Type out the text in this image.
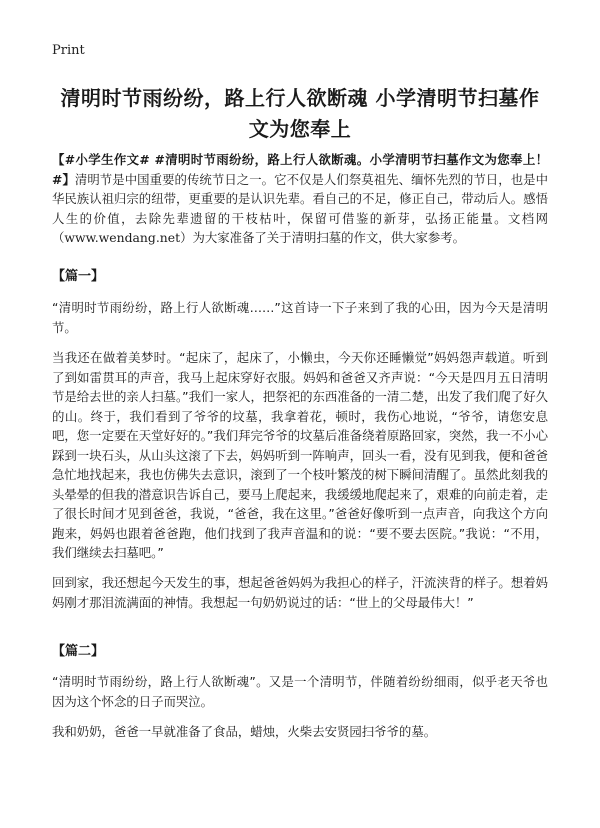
Print
清明时节雨纷纷，路上行人欲断魂 小学清明节扫墓作文为您奉上
【#小学生作文# #清明时节雨纷纷，路上行人欲断魂。小学清明节扫墓作文为您奉上！ #】清明节是中国重要的传统节日之一。它不仅是人们祭莫祖先、缅怀先烈的节日，也是中华民族认祖归宗的纽带，更重要的是认识先辈。看自己的不足，修正自己，带动后人。感悟人生的价值，去除先辈遗留的干枝枯叶，保留可借鉴的新芽，弘扬正能量。文档网（www.wendang.net）为大家准备了关于清明扫墓的作文，供大家参考。
【篇一】
“清明时节雨纷纷，路上行人欲断魂……”这首诗一下子来到了我的心田，因为今天是清明节。
当我还在做着美梦时。“起床了，起床了，小懒虫，今天你还睡懒觉”妈妈怨声载道。听到了到如雷贯耳的声音，我马上起床穿好衣服。妈妈和爸爸又齐声说：“今天是四月五日清明节是给去世的亲人扫墓。”我们一家人，把祭祀的东西准备的一清二楚，出发了我们爬了好久的山。终于，我们看到了爷爷的坟墓，我拿着花，顿时，我伤心地说，“爷爷，请您安息吧，您一定要在天堂好好的。”我们拜完爷爷的坟墓后准备绕着原路回家，突然，我一不小心踩到一块石头，从山头这滚了下去，妈妈听到一阵响声，回头一看，没有见到我，便和爸爸急忙地找起来，我也仿佛失去意识，滚到了一个枝叶繁茂的树下瞬间清醒了。虽然此刻我的头晕晕的但我的潜意识告诉自己，要马上爬起来，我缓缓地爬起来了，艰难的向前走着，走了很长时间才见到爸爸，我说，“爸爸，我在这里。”爸爸好像听到一点声音，向我这个方向跑来，妈妈也跟着爸爸跑，他们找到了我声音温和的说：“要不要去医院。”我说：“不用，我们继续去扫墓吧。”
回到家，我还想起今天发生的事，想起爸爸妈妈为我担心的样子，汗流浃背的样子。想着妈妈刚才那泪流满面的神情。我想起一句奶奶说过的话：“世上的父母最伟大！”
【篇二】
“清明时节雨纷纷，路上行人欲断魂”。又是一个清明节，伴随着纷纷细雨，似乎老天爷也因为这个怀念的日子而哭泣。
我和奶奶，爸爸一早就准备了食品，蜡烛，火柴去安贤园扫爷爷的墓。
